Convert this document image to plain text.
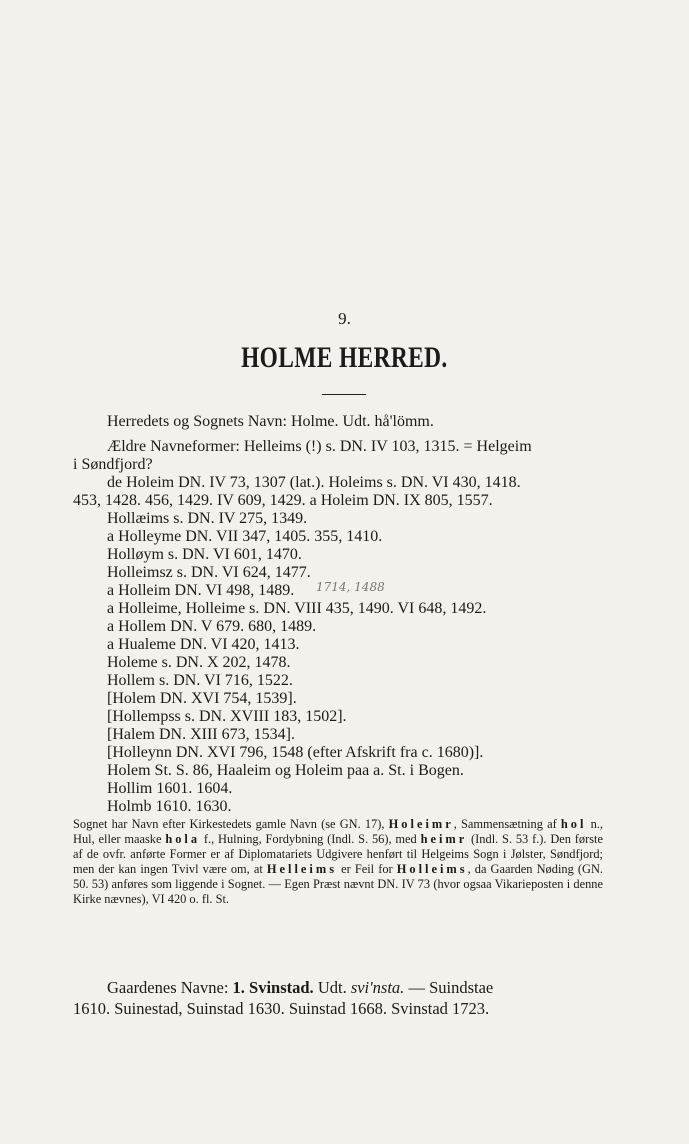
9.
HOLME HERRED.
Herredets og Sognets Navn: Holme. Udt. hå'lömm.
Ældre Navneformer: Helleims (!) s. DN. IV 103, 1315. = Helgeim
i Søndfjord?
de Holeim DN. IV 73, 1307 (lat.). Holeims s. DN. VI 430, 1418.
453, 1428. 456, 1429. IV 609, 1429. a Holeim DN. IX 805, 1557.
Hollæims s. DN. IV 275, 1349.
a Holleyme DN. VII 347, 1405. 355, 1410.
Holløym s. DN. VI 601, 1470.
Holleimsz s. DN. VI 624, 1477.
a Holleim DN. VI 498, 1489. 1714, 1488
a Holleime, Holleime s. DN. VIII 435, 1490. VI 648, 1492.
a Hollem DN. V 679. 680, 1489.
a Hualeme DN. VI 420, 1413.
Holeme s. DN. X 202, 1478.
Hollem s. DN. VI 716, 1522.
[Holem DN. XVI 754, 1539].
[Hollempss s. DN. XVIII 183, 1502].
[Halem DN. XIII 673, 1534].
[Holleynn DN. XVI 796, 1548 (efter Afskrift fra c. 1680)].
Holem St. S. 86, Haaleim og Holeim paa a. St. i Bogen.
Hollim 1601. 1604.
Holmb 1610. 1630.

Sognet har Navn efter Kirkestedets gamle Navn (se GN. 17), Holeimr, Sammensætning af hol n., Hul, eller maaske hola f., Hulning, Fordybning (Indl. S. 56), med heimr (Indl. S. 53 f.). Den første af de ovfr. anførte Former er af Diplomatariets Udgivere henført til Helgeims Sogn i Jølster, Søndfjord; men der kan ingen Tvivl være om, at Helleims er Feil for Holleims, da Gaarden Nøding (GN. 50. 53) anføres som liggende i Sognet. — Egen Præst nævnt DN. IV 73 (hvor ogsaa Vikarieposten i denne Kirke nævnes), VI 420 o. fl. St.

Gaardenes Navne: 1. Svinstad. Udt. svi'nsta. — Suindstae
1610. Suinestad, Suinstad 1630. Suinstad 1668. Svinstad 1723.
